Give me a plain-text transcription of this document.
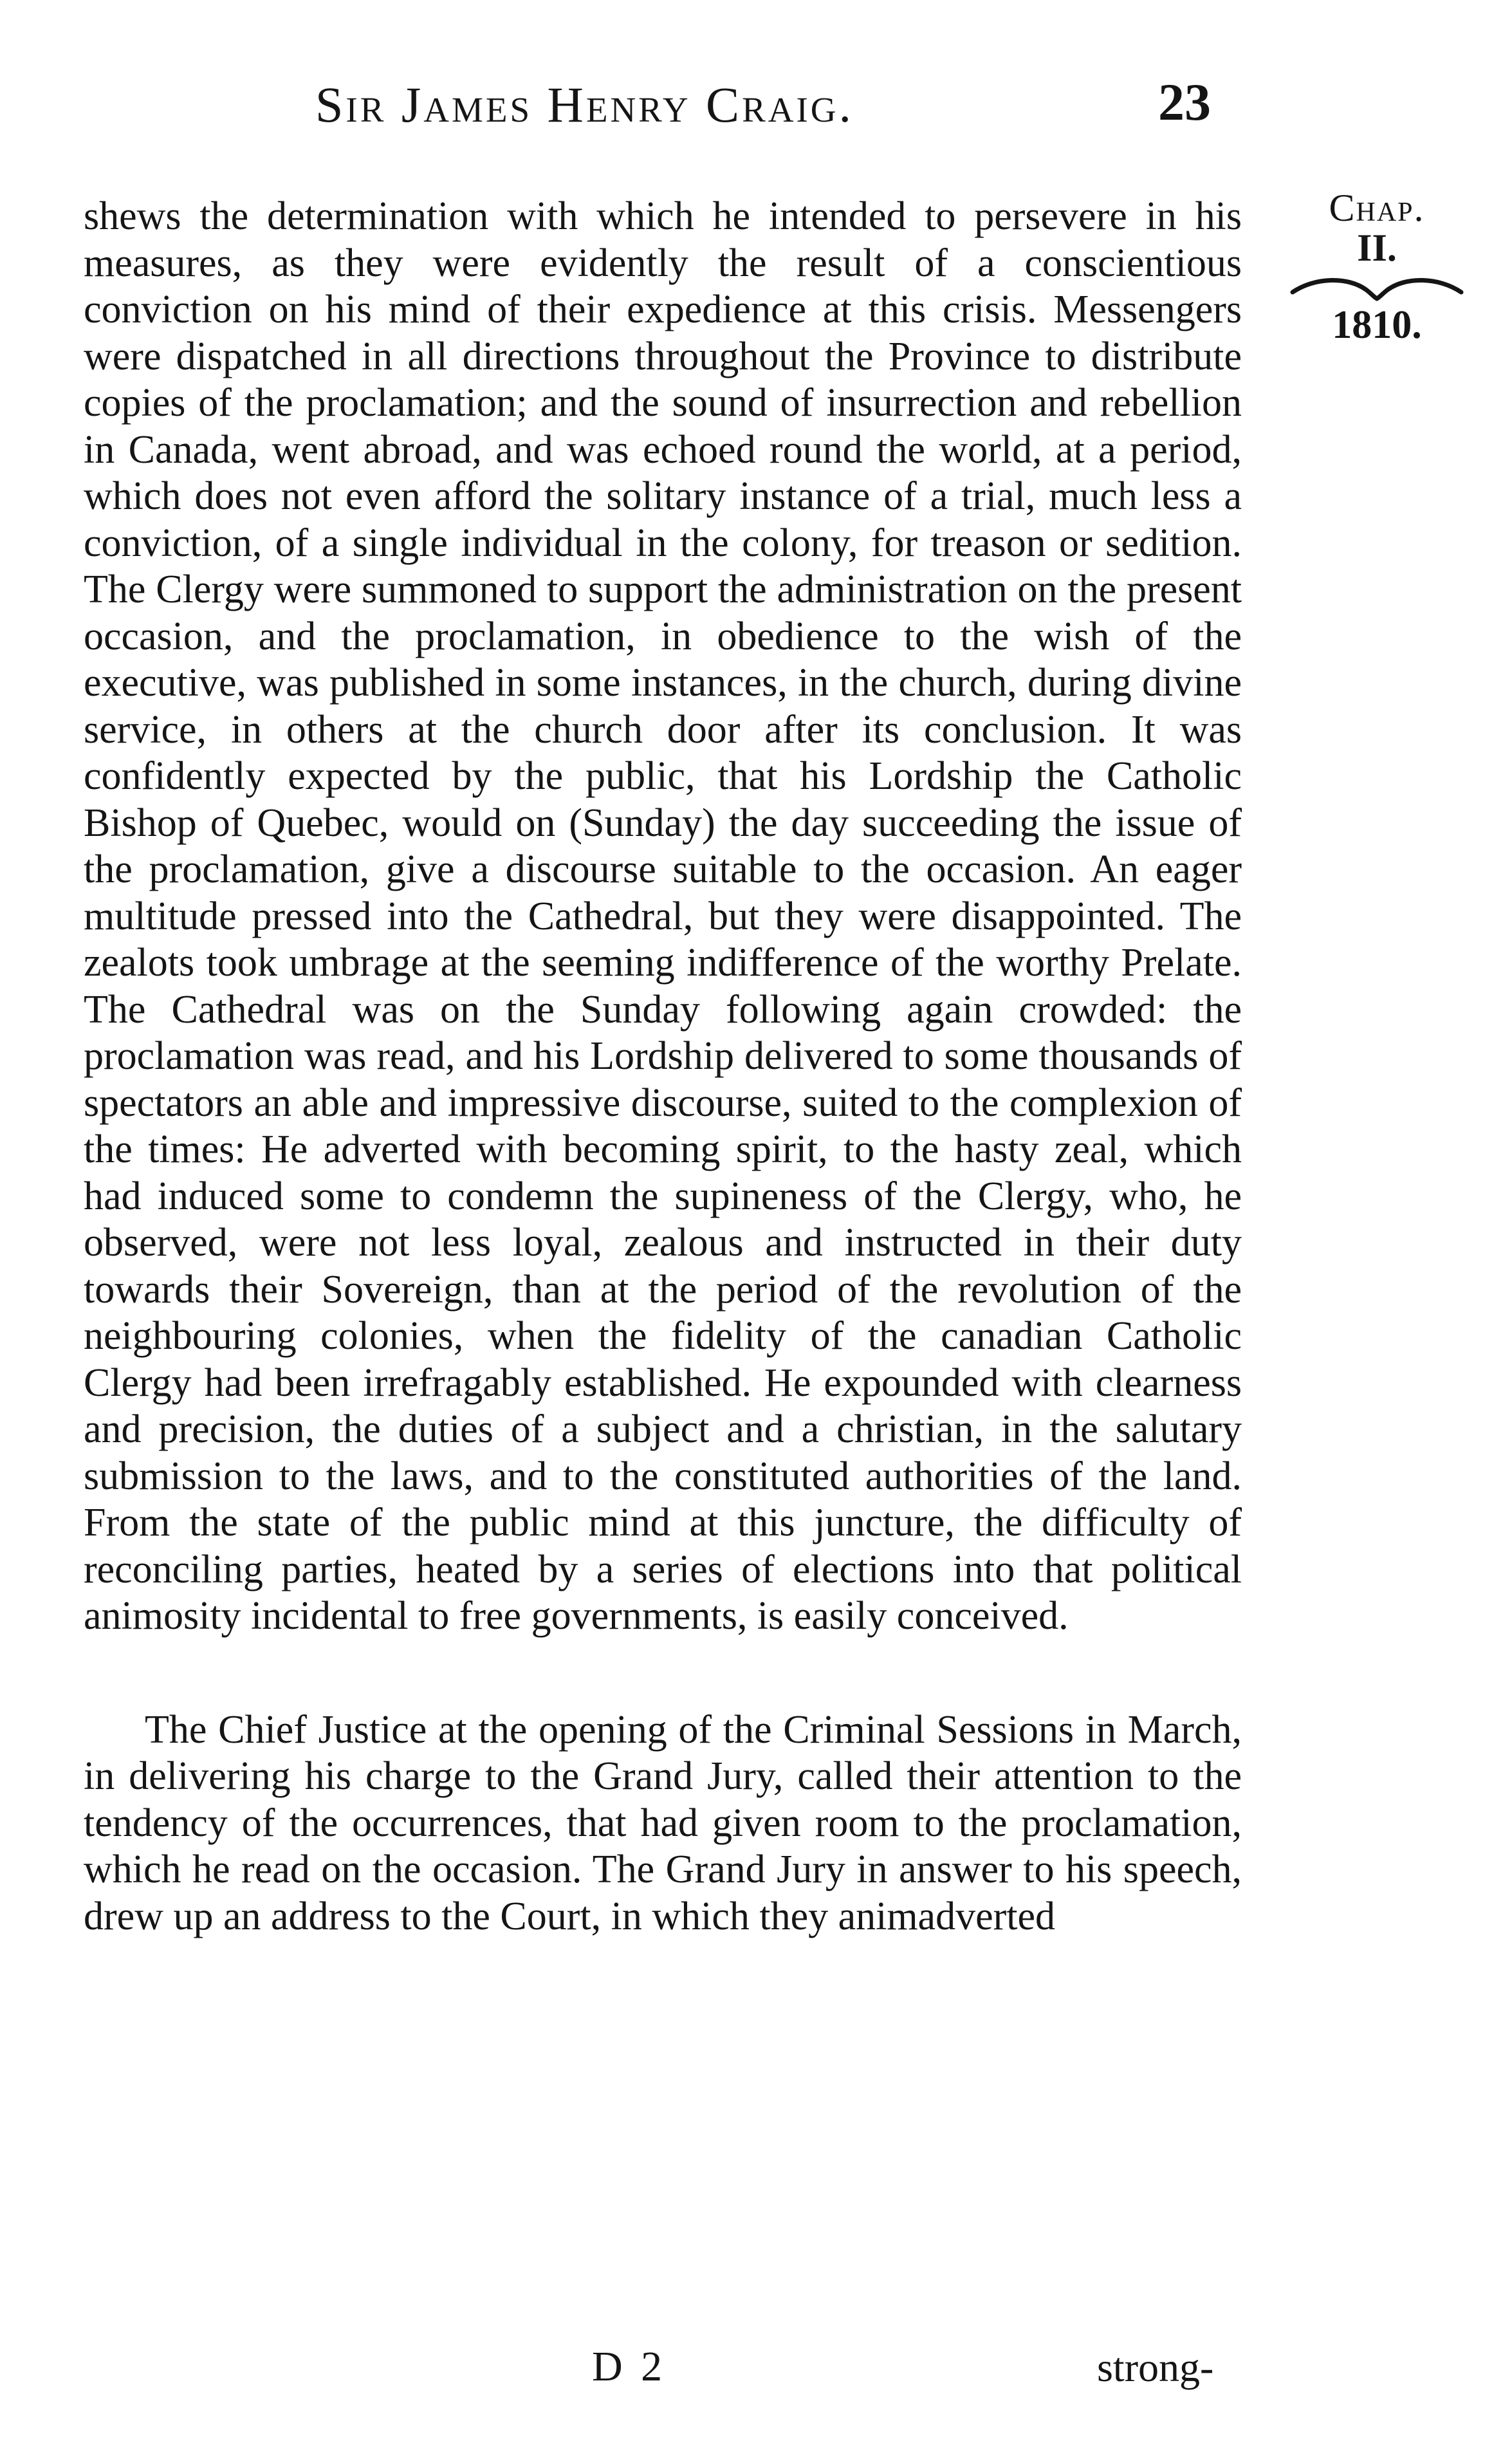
Sir James Henry Craig.	23
Chap.
II.
1810.

shews the determination with which he intended to persevere in his measures, as they were evidently the result of a conscientious conviction on his mind of their expedience at this crisis. Messengers were dispatched in all directions throughout the Province to distribute copies of the proclamation; and the sound of insurrection and rebellion in Canada, went abroad, and was echoed round the world, at a period, which does not even afford the solitary instance of a trial, much less a conviction, of a single individual in the colony, for treason or sedition. The Clergy were summoned to support the administration on the present occasion, and the proclamation, in obedience to the wish of the executive, was published in some instances, in the church, during divine service, in others at the church door after its conclusion. It was confidently expected by the public, that his Lordship the Catholic Bishop of Quebec, would on (Sunday) the day succeeding the issue of the proclamation, give a discourse suitable to the occasion. An eager multitude pressed into the Cathedral, but they were disappointed. The zealots took umbrage at the seeming indifference of the worthy Prelate. The Cathedral was on the Sunday following again crowded: the proclamation was read, and his Lordship delivered to some thousands of spectators an able and impressive discourse, suited to the complexion of the times: He adverted with becoming spirit, to the hasty zeal, which had induced some to condemn the supineness of the Clergy, who, he observed, were not less loyal, zealous and instructed in their duty towards their Sovereign, than at the period of the revolution of the neighbouring colonies, when the fidelity of the canadian Catholic Clergy had been irrefragably established. He expounded with clearness and precision, the duties of a subject and a christian, in the salutary submission to the laws, and to the constituted authorities of the land. From the state of the public mind at this juncture, the difficulty of reconciling parties, heated by a series of elections into that political animosity incidental to free governments, is easily conceived.

The Chief Justice at the opening of the Criminal Sessions in March, in delivering his charge to the Grand Jury, called their attention to the tendency of the occurrences, that had given room to the proclamation, which he read on the occasion. The Grand Jury in answer to his speech, drew up an address to the Court, in which they animadverted

D 2	strong-
